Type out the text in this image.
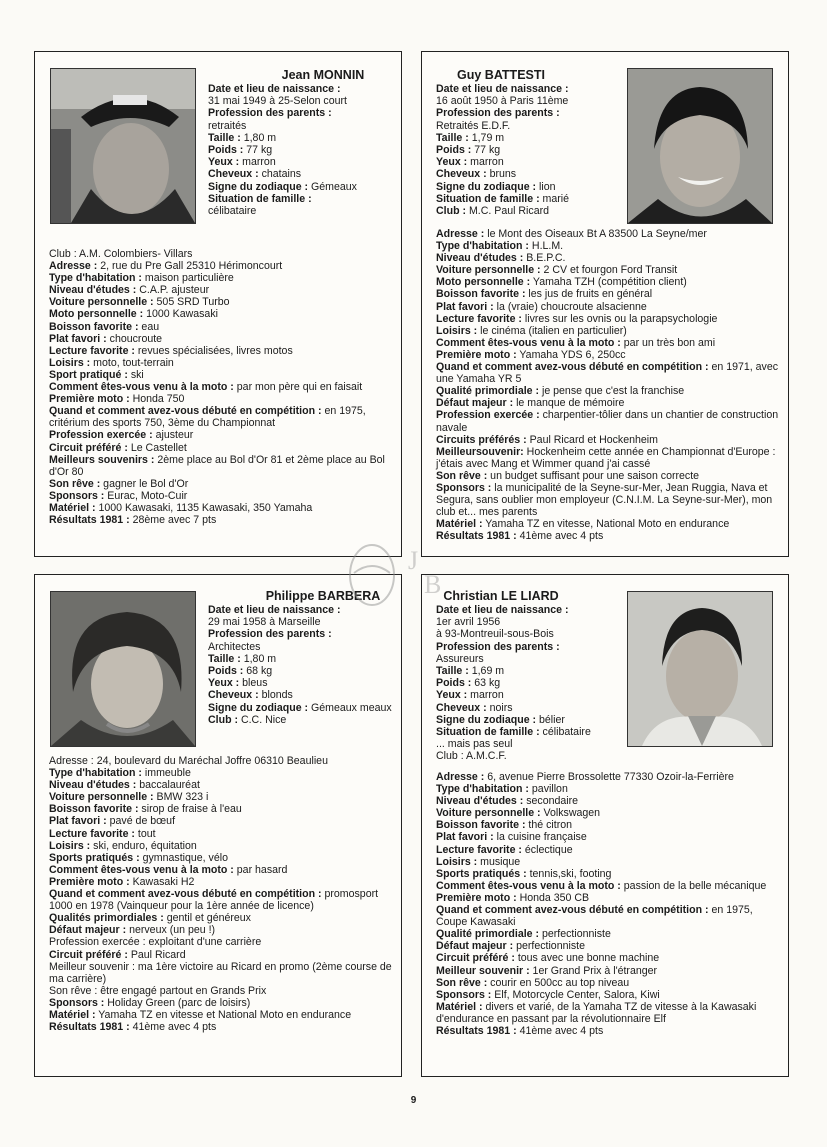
Jean MONNIN
Date et lieu de naissance :
31 mai 1949 à 25-Selon court
Profession des parents :
retraités
Taille : 1,80 m
Poids : 77 kg
Yeux : marron
Cheveux : chatains
Signe du zodiaque : Gémeaux
Situation de famille :
célibataire
Club : A.M. Colombiers- Villars
Adresse : 2, rue du Pre Gall 25310 Hérimoncourt
Type d'habitation : maison particulière
Niveau d'études : C.A.P. ajusteur
Voiture personnelle : 505 SRD Turbo
Moto personnelle : 1000 Kawasaki
Boisson favorite : eau
Plat favori : choucroute
Lecture favorite : revues spécialisées, livres motos
Loisirs : moto, tout-terrain
Sport pratiqué : ski
Comment êtes-vous venu à la moto : par mon père qui en faisait
Première moto : Honda 750
Quand et comment avez-vous débuté en compétition : en 1975, critérium des sports 750, 3ème du Championnat
Profession exercée : ajusteur
Circuit préféré : Le Castellet
Meilleurs souvenirs : 2ème place au Bol d'Or 81 et 2ème place au Bol d'Or 80
Son rêve : gagner le Bol d'Or
Sponsors : Eurac, Moto-Cuir
Matériel : 1000 Kawasaki, 1135 Kawasaki, 350 Yamaha
Résultats 1981 : 28ème avec 7 pts
Guy BATTESTI
Date et lieu de naissance :
16 août 1950 à Paris 11ème
Profession des parents :
Retraités E.D.F.
Taille : 1,79 m
Poids : 77 kg
Yeux : marron
Cheveux : bruns
Signe du zodiaque : lion
Situation de famille : marié
Club : M.C. Paul Ricard
Adresse : le Mont des Oiseaux Bt A 83500 La Seyne/mer
Type d'habitation : H.L.M.
Niveau d'études : B.E.P.C.
Voiture personnelle : 2 CV et fourgon Ford Transit
Moto personnelle : Yamaha TZH (compétition client)
Boisson favorite : les jus de fruits en général
Plat favori : la (vraie) choucroute alsacienne
Lecture favorite : livres sur les ovnis ou la parapsychologie
Loisirs : le cinéma (italien en particulier)
Comment êtes-vous venu à la moto : par un très bon ami
Première moto : Yamaha YDS 6, 250cc
Quand et comment avez-vous débuté en compétition : en 1971, avec une Yamaha YR 5
Qualité primordiale : je pense que c'est la franchise
Défaut majeur : le manque de mémoire
Profession exercée : charpentier-tôlier dans un chantier de construction navale
Circuits préférés : Paul Ricard et Hockenheim
Meilleursouvenir: Hockenheim cette année en Championnat d'Europe : j'étais avec Mang et Wimmer quand j'ai cassé
Son rêve : un budget suffisant pour une saison correcte
Sponsors : la municipalité de la Seyne-sur-Mer, Jean Ruggia, Nava et Segura, sans oublier mon employeur (C.N.I.M. La Seyne-sur-Mer), mon club et... mes parents
Matériel : Yamaha TZ en vitesse, National Moto en endurance
Résultats 1981 : 41ème avec 4 pts
Philippe BARBERA
Date et lieu de naissance :
29 mai 1958 à Marseille
Profession des parents :
Architectes
Taille : 1,80 m
Poids : 68 kg
Yeux : bleus
Cheveux : blonds
Signe du zodiaque : Gémeaux meaux
Club : C.C. Nice
Adresse : 24, boulevard du Maréchal Joffre 06310 Beaulieu
Type d'habitation : immeuble
Niveau d'études : baccalauréat
Voiture personnelle : BMW 323 i
Boisson favorite : sirop de fraise à l'eau
Plat favori : pavé de bœuf
Lecture favorite : tout
Loisirs : ski, enduro, équitation
Sports pratiqués : gymnastique, vélo
Comment êtes-vous venu à la moto : par hasard
Première moto : Kawasaki H2
Quand et comment avez-vous débuté en compétition : promosport 1000 en 1978 (Vainqueur pour la 1ère année de licence)
Qualités primordiales : gentil et généreux
Défaut majeur : nerveux (un peu !)
Profession exercée : exploitant d'une carrière
Circuit préféré : Paul Ricard
Meilleur souvenir : ma 1ère victoire au Ricard en promo (2ème course de ma carrière)
Son rêve : être engagé partout en Grands Prix
Sponsors : Holiday Green (parc de loisirs)
Matériel : Yamaha TZ en vitesse et National Moto en endurance
Résultats 1981 : 41ème avec 4 pts
Christian LE LIARD
Date et lieu de naissance :
1er avril 1956
à 93-Montreuil-sous-Bois
Profession des parents :
Assureurs
Taille : 1,69 m
Poids : 63 kg
Yeux : marron
Cheveux : noirs
Signe du zodiaque : bélier
Situation de famille : célibataire
... mais pas seul
Club : A.M.C.F.
Adresse : 6, avenue Pierre Brossolette 77330 Ozoir-la-Ferrière
Type d'habitation : pavillon
Niveau d'études : secondaire
Voiture personnelle : Volkswagen
Boisson favorite : thé citron
Plat favori : la cuisine française
Lecture favorite : éclectique
Loisirs : musique
Sports pratiqués : tennis,ski, footing
Comment êtes-vous venu à la moto : passion de la belle mécanique
Première moto : Honda 350 CB
Quand et comment avez-vous débuté en compétition : en 1975, Coupe Kawasaki
Qualité primordiale : perfectionniste
Défaut majeur : perfectionniste
Circuit préféré : tous avec une bonne machine
Meilleur souvenir : 1er Grand Prix à l'étranger
Son rêve : courir en 500cc au top niveau
Sponsors : Elf, Motorcycle Center, Salora, Kiwi
Matériel : divers et varié, de la Yamaha TZ de vitesse à la Kawasaki d'endurance en passant par la révolutionnaire Elf
Résultats 1981 : 41ème avec 4 pts
J
B
9
